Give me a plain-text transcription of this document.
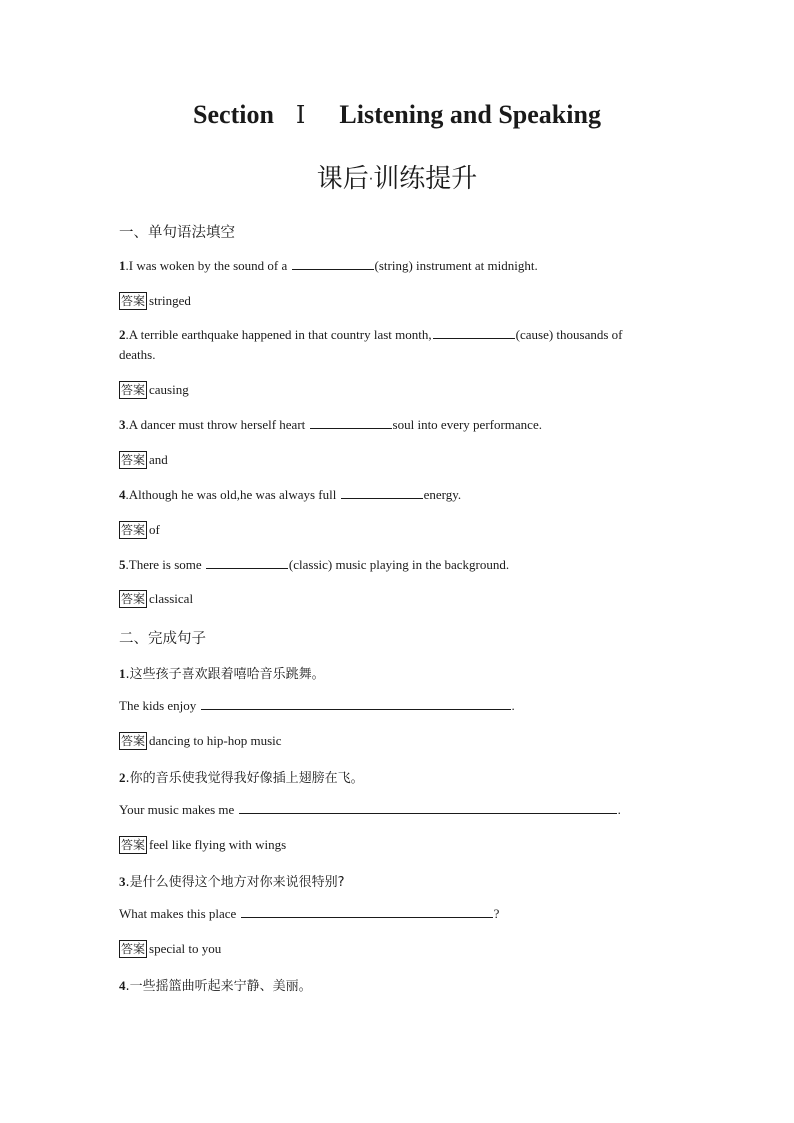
Section Ⅰ Listening and Speaking
课后·训练提升
一、单句语法填空
1.I was woken by the sound of a	(string) instrument at midnight.
答案 stringed
2.A terrible earthquake happened in that country last month,	(cause) thousands of
deaths.
答案 causing
3.A dancer must throw herself heart	soul into every performance.
答案 and
4.Although he was old,he was always full	energy.
答案 of
5.There is some	(classic) music playing in the background.
答案 classical
二、完成句子
1.这些孩子喜欢跟着嘻哈音乐跳舞。
The kids enjoy	.
答案 dancing to hip-hop music
2.你的音乐使我觉得我好像插上翅膀在飞。
Your music makes me	.
答案 feel like flying with wings
3.是什么使得这个地方对你来说很特别?
What makes this place	?
答案 special to you
4.一些摇篮曲听起来宁静、美丽。
